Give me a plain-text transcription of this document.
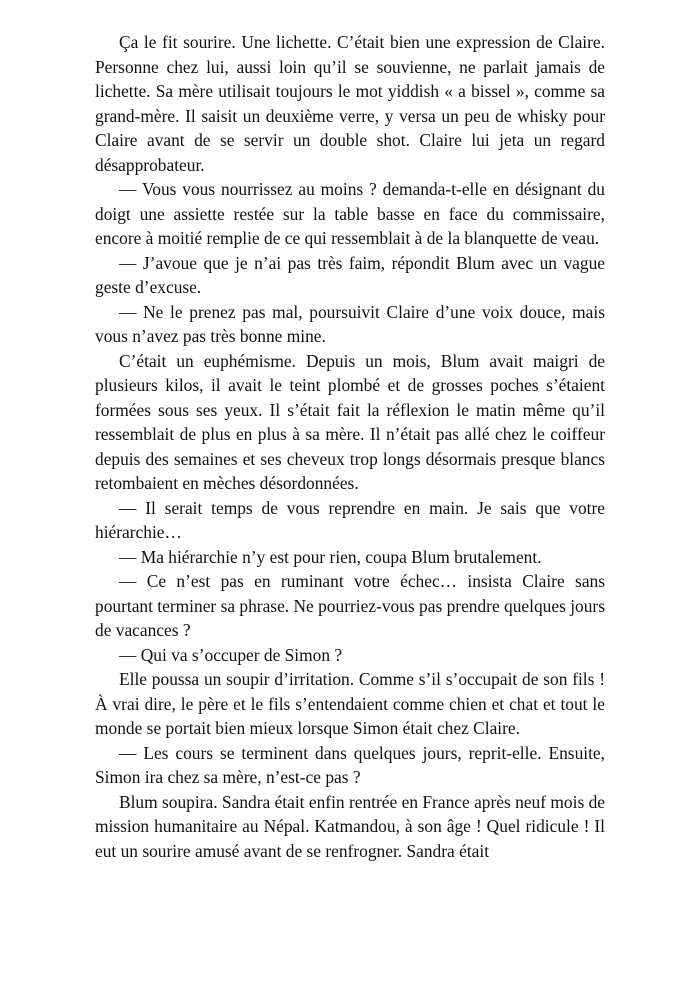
Ça le fit sourire. Une lichette. C’était bien une expression de Claire. Personne chez lui, aussi loin qu’il se souvienne, ne parlait jamais de lichette. Sa mère utilisait toujours le mot yiddish « a bissel », comme sa grand-mère. Il saisit un deuxième verre, y versa un peu de whisky pour Claire avant de se servir un double shot. Claire lui jeta un regard désapprobateur.

— Vous vous nourrissez au moins ? demanda-t-elle en désignant du doigt une assiette restée sur la table basse en face du commissaire, encore à moitié remplie de ce qui ressemblait à de la blanquette de veau.

— J’avoue que je n’ai pas très faim, répondit Blum avec un vague geste d’excuse.

— Ne le prenez pas mal, poursuivit Claire d’une voix douce, mais vous n’avez pas très bonne mine.

C’était un euphémisme. Depuis un mois, Blum avait maigri de plusieurs kilos, il avait le teint plombé et de grosses poches s’étaient formées sous ses yeux. Il s’était fait la réflexion le matin même qu’il ressemblait de plus en plus à sa mère. Il n’était pas allé chez le coiffeur depuis des semaines et ses cheveux trop longs désormais presque blancs retombaient en mèches désordonnées.

— Il serait temps de vous reprendre en main. Je sais que votre hiérarchie…

— Ma hiérarchie n’y est pour rien, coupa Blum brutalement.

— Ce n’est pas en ruminant votre échec… insista Claire sans pourtant terminer sa phrase. Ne pourriez-vous pas prendre quelques jours de vacances ?

— Qui va s’occuper de Simon ?

Elle poussa un soupir d’irritation. Comme s’il s’occupait de son fils ! À vrai dire, le père et le fils s’entendaient comme chien et chat et tout le monde se portait bien mieux lorsque Simon était chez Claire.

— Les cours se terminent dans quelques jours, reprit-elle. Ensuite, Simon ira chez sa mère, n’est-ce pas ?

Blum soupira. Sandra était enfin rentrée en France après neuf mois de mission humanitaire au Népal. Katmandou, à son âge ! Quel ridicule ! Il eut un sourire amusé avant de se renfrogner. Sandra était
